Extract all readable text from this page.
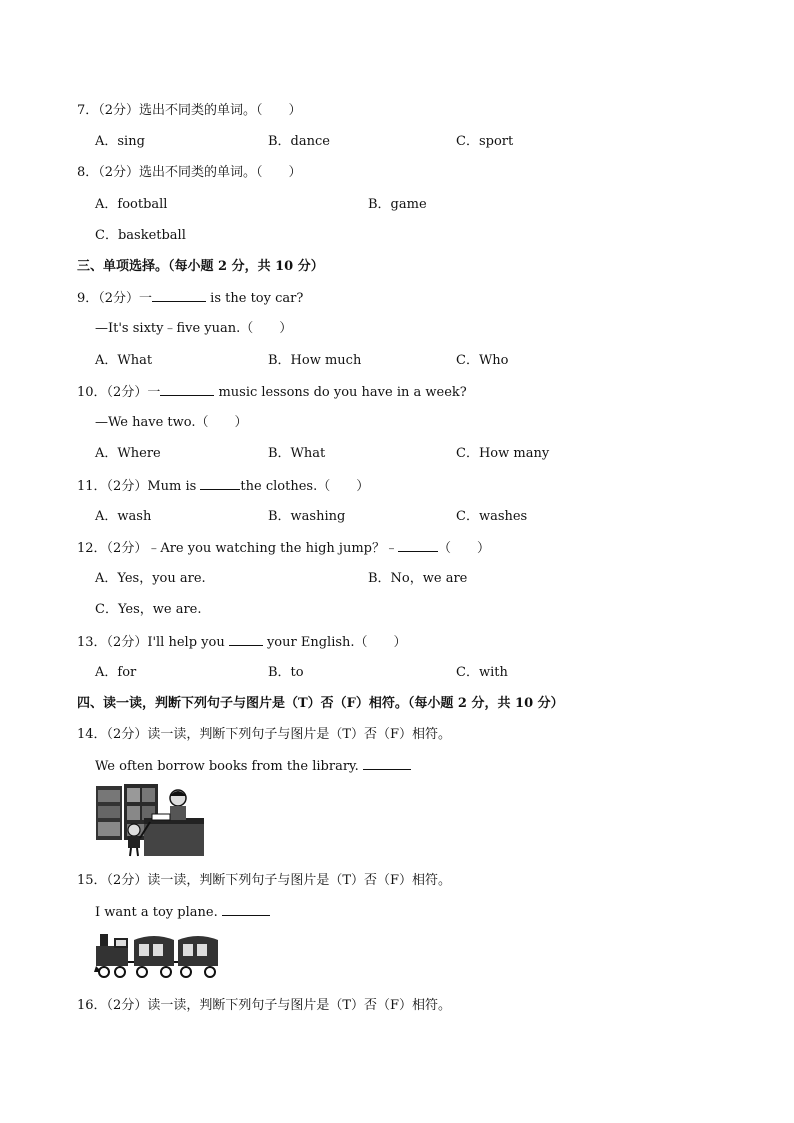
7．（2分）选出不同类的单词。（　　）
A．sing	B．dance	C．sport
8．（2分）选出不同类的单词。（　　）
A．football	B．game
C．basketball
三、单项选择。（每小题 2 分，共 10 分）
9．（2分）一	is the toy car?
—It's sixty﹣five yuan.（　　）
A．What	B．How much	C．Who
10．（2分）一	music lessons do you have in a week?
—We have two.（　　）
A．Where	B．What	C．How many
11．（2分）Mum is	the clothes.（　　）
A．wash	B．washing	C．washes
12．（2分）﹣Are you watching the high jump？﹣	（　　）
A．Yes，you are.	B．No，we are
C．Yes，we are.
13．（2分）I'll help you	your English.（　　）
A．for	B．to	C．with
四、读一读，判断下列句子与图片是（T）否（F）相符。（每小题 2 分，共 10 分）
14．（2分）读一读，判断下列句子与图片是（T）否（F）相符。
We often borrow books from the library.
15．（2分）读一读，判断下列句子与图片是（T）否（F）相符。
I want a toy plane.
16．（2分）读一读，判断下列句子与图片是（T）否（F）相符。
